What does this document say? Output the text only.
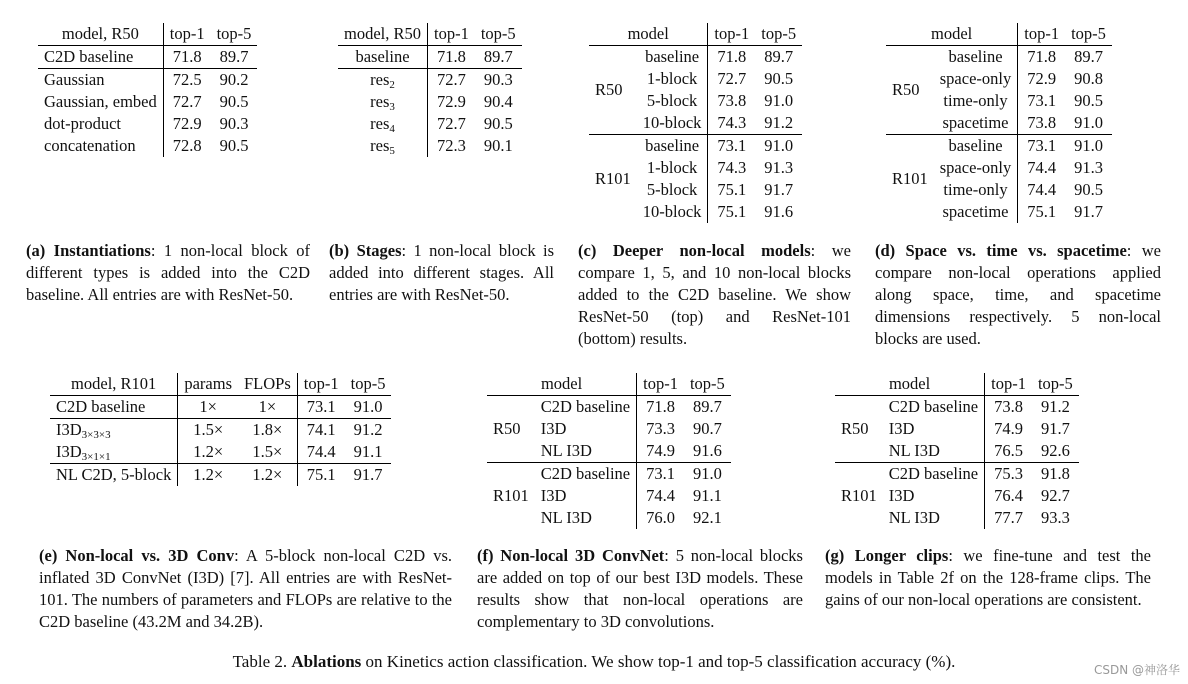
model, R50	top-1	top-5
C2D baseline	71.8	89.7
Gaussian	72.5	90.2
Gaussian, embed	72.7	90.5
dot-product	72.9	90.3
concatenation	72.8	90.5
(a) Instantiations: 1 non-local block of different types is added into the C2D baseline. All entries are with ResNet-50.
model, R50	top-1	top-5
baseline	71.8	89.7
res$_2$	72.7	90.3
res$_3$	72.9	90.4
res$_4$	72.7	90.5
res$_5$	72.3	90.1
(b) Stages: 1 non-local block is added into different stages. All entries are with ResNet-50.
model		top-1	top-5
R50	baseline	71.8	89.7
	1-block	72.7	90.5
	5-block	73.8	91.0
	10-block	74.3	91.2
R101	baseline	73.1	91.0
	1-block	74.3	91.3
	5-block	75.1	91.7
	10-block	75.1	91.6
(c) Deeper non-local models: we compare 1, 5, and 10 non-local blocks added to the C2D baseline. We show ResNet-50 (top) and ResNet-101 (bottom) results.
model		top-1	top-5
R50	baseline	71.8	89.7
	space-only	72.9	90.8
	time-only	73.1	90.5
	spacetime	73.8	91.0
R101	baseline	73.1	91.0
	space-only	74.4	91.3
	time-only	74.4	90.5
	spacetime	75.1	91.7
(d) Space vs. time vs. spacetime: we compare non-local operations applied along space, time, and spacetime dimensions respectively. 5 non-local blocks are used.
model, R101	params	FLOPs	top-1	top-5
C2D baseline	1×	1×	73.1	91.0
$I3D_{3\times 3\times 3}$	1.5×	1.8×	74.1	91.2
$I3D_{3\times 1\times 1}$	1.2×	1.5×	74.4	91.1
NL C2D, 5-block	1.2×	1.2×	75.1	91.7
(e) Non-local vs. 3D Conv: A 5-block non-local C2D vs. inflated 3D ConvNet (I3D) [7]. All entries are with ResNet-101. The numbers of parameters and FLOPs are relative to the C2D baseline (43.2M and 34.2B).
model		top-1	top-5
R50	C2D baseline	71.8	89.7
	I3D	73.3	90.7
	NL I3D	74.9	91.6
R101	C2D baseline	73.1	91.0
	I3D	74.4	91.1
	NL I3D	76.0	92.1
(f) Non-local 3D ConvNet: 5 non-local blocks are added on top of our best I3D models. These results show that non-local operations are complementary to 3D convolutions.
model		top-1	top-5
R50	C2D baseline	73.8	91.2
	I3D	74.9	91.7
	NL I3D	76.5	92.6
R101	C2D baseline	75.3	91.8
	I3D	76.4	92.7
	NL I3D	77.7	93.3
(g) Longer clips: we fine-tune and test the models in Table 2f on the 128-frame clips. The gains of our non-local operations are consistent.
Table 2. Ablations on Kinetics action classification. We show top-1 and top-5 classification accuracy (%).	CSDN @神洛华
